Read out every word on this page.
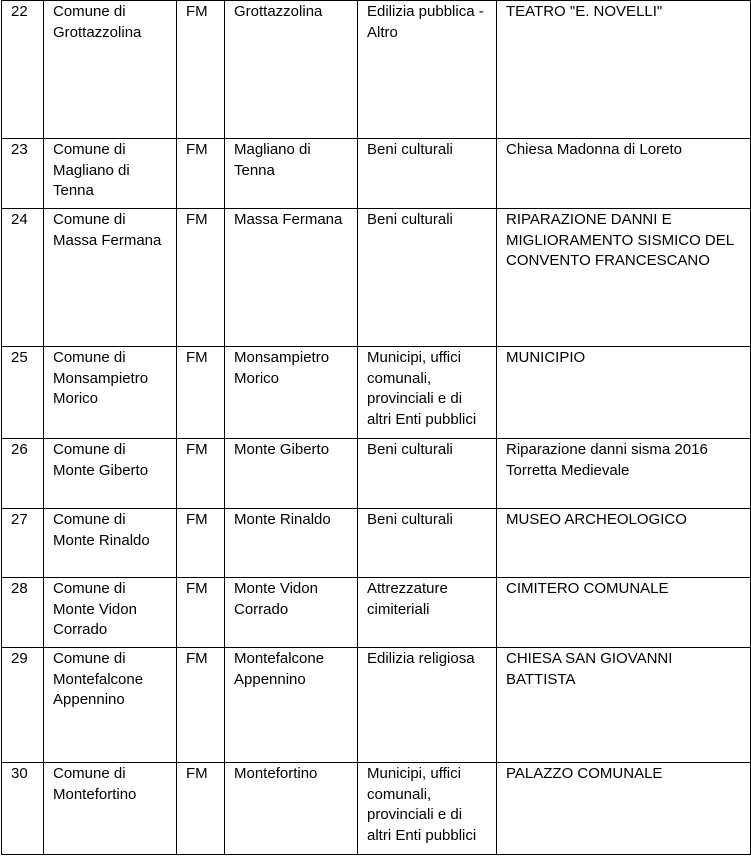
22	Comune di Grottazzolina	FM	Grottazzolina	Edilizia pubblica - Altro	TEATRO "E. NOVELLI"

23	Comune di Magliano di Tenna	FM	Magliano di Tenna	Beni culturali	Chiesa Madonna di Loreto

24	Comune di Massa Fermana	FM	Massa Fermana	Beni culturali	RIPARAZIONE DANNI E MIGLIORAMENTO SISMICO DEL CONVENTO FRANCESCANO

25	Comune di Monsampietro Morico	FM	Monsampietro Morico	Municipi, uffici comunali, provinciali e di altri Enti pubblici	MUNICIPIO

26	Comune di Monte Giberto	FM	Monte Giberto	Beni culturali	Riparazione danni sisma 2016 Torretta Medievale

27	Comune di Monte Rinaldo	FM	Monte Rinaldo	Beni culturali	MUSEO ARCHEOLOGICO

28	Comune di Monte Vidon Corrado	FM	Monte Vidon Corrado	Attrezzature cimiteriali	CIMITERO COMUNALE

29	Comune di Montefalcone Appennino	FM	Montefalcone Appennino	Edilizia religiosa	CHIESA SAN GIOVANNI BATTISTA

30	Comune di Montefortino	FM	Montefortino	Municipi, uffici comunali, provinciali e di altri Enti pubblici	PALAZZO COMUNALE
